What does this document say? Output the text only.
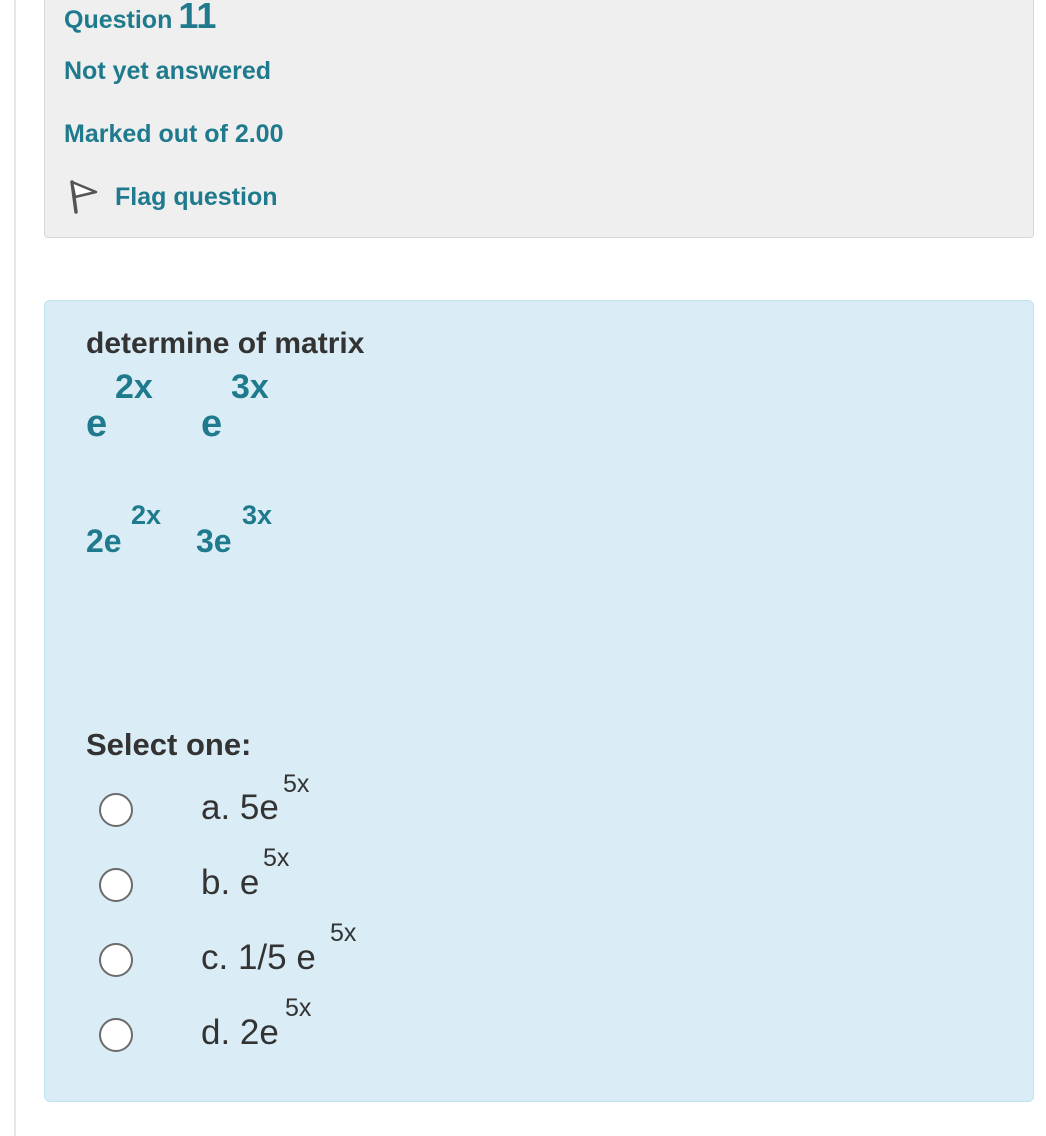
Question 11
Not yet answered
Marked out of 2.00
Flag question
determine of matrix
2x
e
3x
e
2x
2e
3x
3e
Select one:
5x
a. 5e
5x
b. e
5x
c. 1/5 e
5x
d. 2e
